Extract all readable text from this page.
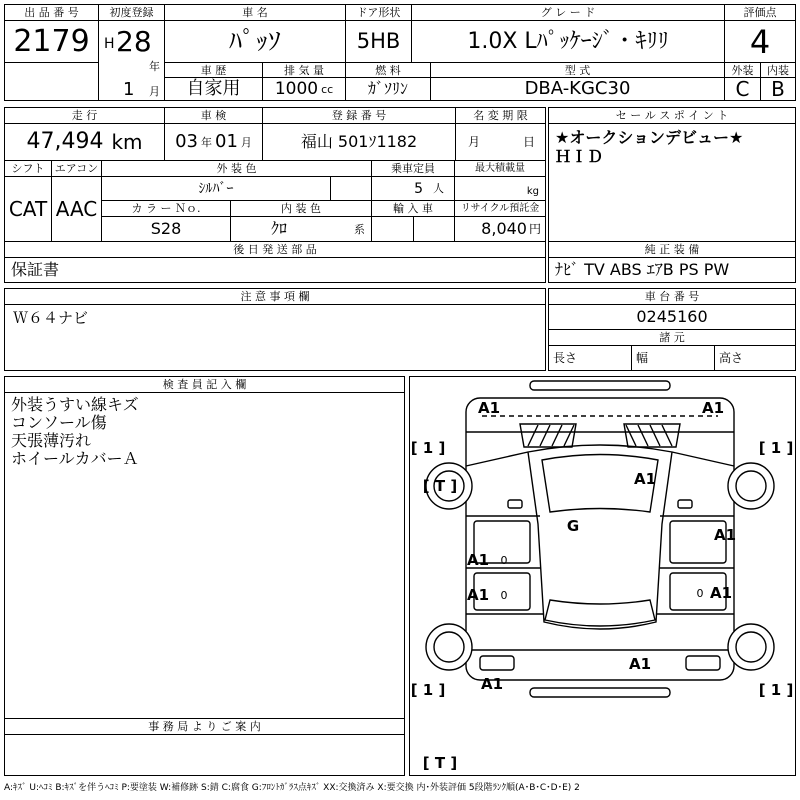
出 品 番 号
2179
初度登録
H 28
年
1 月
車 名
ﾊﾟｯｿ
ドア形状
5HB
グ レ ー ド
1.0X Lﾊﾟｯｹｰｼﾞ・ｷﾘﾘ
評価点
4
車 歴
自家用
排 気 量
1000 cc
燃 料
ｶﾞｿﾘﾝ
型 式
DBA-KGC30
外装
C
内装
B
走 行
47,494 km
車 検
03 年 01 月
登 録 番 号
福山 501ｿ1182
名 変 期 限
月	日
セ ー ル ス ポ イ ン ト
★オークションデビュー★
ＨＩＤ
シフト
CAT
エアコン
AAC
外 装 色
ｼﾙﾊﾞｰ
乗車定員
5 人
最大積載量
kg
カ ラ ー Ｎｏ.
S28
内 装 色
ｸﾛ	系
輸 入 車	リサイクル預託金
8,040 円
後 日 発 送 部 品
保証書
純 正 装 備
ﾅﾋﾞ TV ABS ｴｱB PS PW
注 意 事 項 欄
Ｗ６４ナビ
車 台 番 号
0245160
諸 元
長さ	幅	高さ
検 査 員 記 入 欄
外装うすい線キズ
コンソール傷
天張薄汚れ
ホイールカバーＡ
事 務 局 よ り ご 案 内
A1	A1
[ 1 ]	[ 1 ]
[ T ]	A1
G	A1
A1 0
A1 0	A1
0
A1
A1
[ 1 ]	[ 1 ]
[ T ]
A:ｷｽﾞ U:ﾍｺﾐ B:ｷｽﾞを伴うﾍｺﾐ P:要塗装 W:補修跡 S:錆 C:腐食 G:ﾌﾛﾝﾄｶﾞﾗｽ点ｷｽﾞ XX:交換済み X:要交換 内･外装評価 5段階ﾗﾝｸ順(A･B･C･D･E) 2
